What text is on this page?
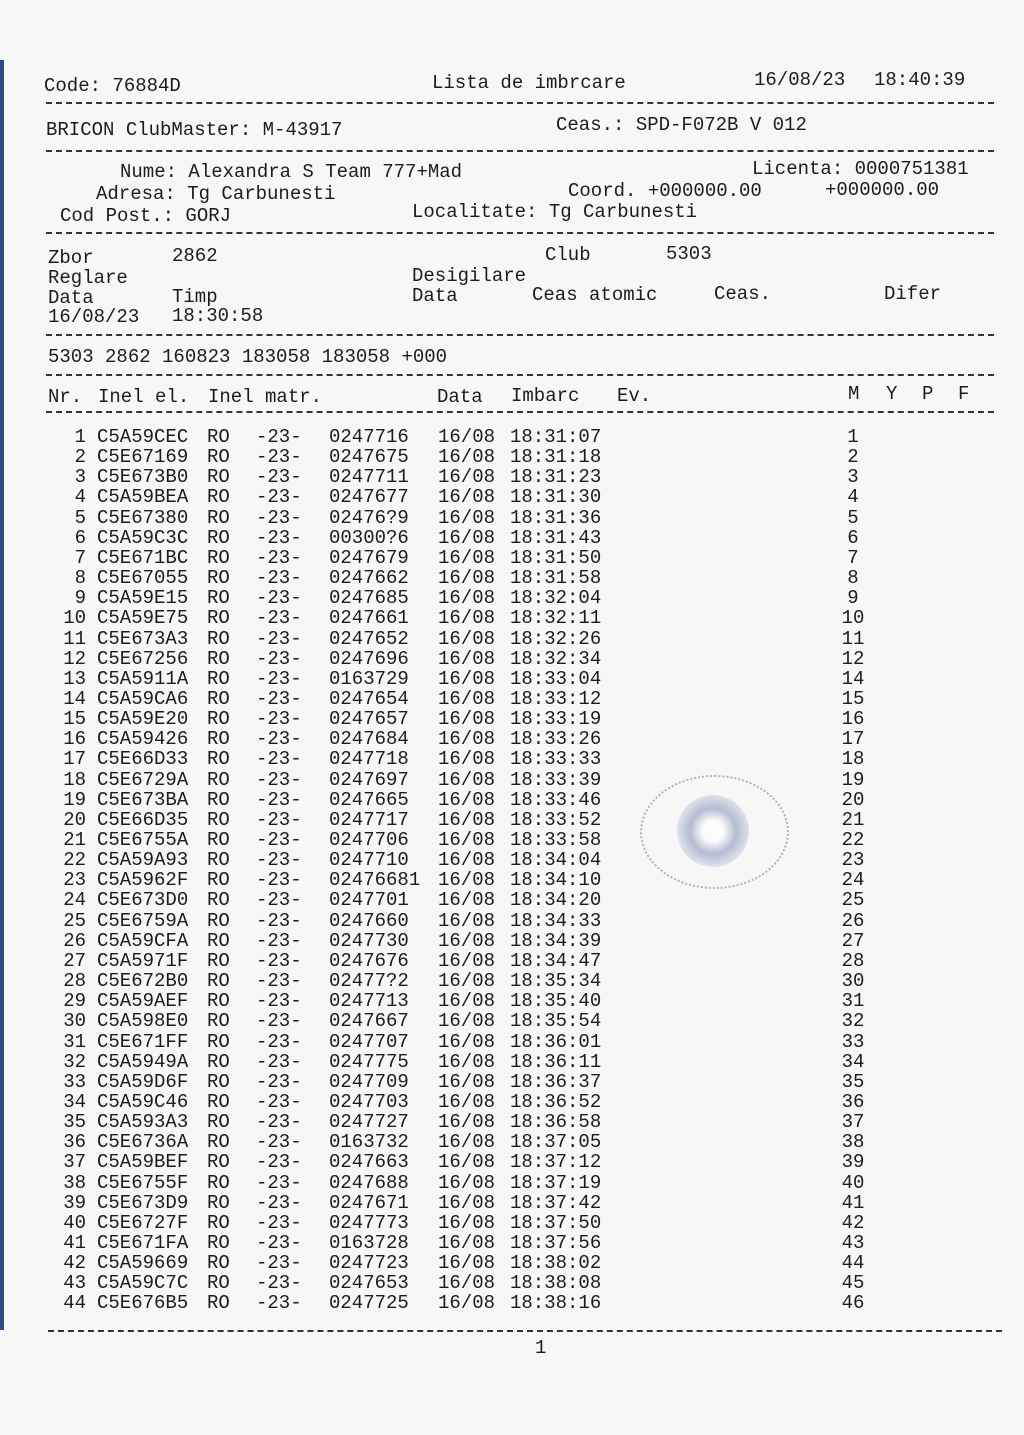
Code: 76884D	Lista de imbrcare	16/08/23 18:40:39
BRICON ClubMaster: M-43917	Ceas.: SPD-F072B V 012
Nume: Alexandra S Team 777+Mad	Licenta: 0000751381
Adresa: Tg Carbunesti	Coord. +000000.00	+000000.00
Cod Post.: GORJ	Localitate: Tg Carbunesti
Zbor	2862	Club	5303
Reglare	Desigilare
Data	Timp	Data	Ceas atomic	Ceas.	Difer
16/08/23 18:30:58
5303 2862 160823 183058 183058 +000
Nr. Inel el. Inel matr.	Data Imbarc Ev.	M Y P F
1 C5A59CEC RO -23- 0247716 16/08 18:31:07	1
2 C5E67169 RO -23- 0247675 16/08 18:31:18	2
3 C5E673B0 RO -23- 0247711 16/08 18:31:23	3
4 C5A59BEA RO -23- 0247677 16/08 18:31:30	4
5 C5E67380 RO -23- 02476?9 16/08 18:31:36	5
6 C5A59C3C RO -23- 00300?6 16/08 18:31:43	6
7 C5E671BC RO -23- 0247679 16/08 18:31:50	7
8 C5E67055 RO -23- 0247662 16/08 18:31:58	8
9 C5A59E15 RO -23- 0247685 16/08 18:32:04	9
10 C5A59E75 RO -23- 0247661 16/08 18:32:11	10
11 C5E673A3 RO -23- 0247652 16/08 18:32:26	11
12 C5E67256 RO -23- 0247696 16/08 18:32:34	12
13 C5A5911A RO -23- 0163729 16/08 18:33:04	14
14 C5A59CA6 RO -23- 0247654 16/08 18:33:12	15
15 C5A59E20 RO -23- 0247657 16/08 18:33:19	16
16 C5A59426 RO -23- 0247684 16/08 18:33:26	17
17 C5E66D33 RO -23- 0247718 16/08 18:33:33	18
18 C5E6729A RO -23- 0247697 16/08 18:33:39	19
19 C5E673BA RO -23- 0247665 16/08 18:33:46	20
20 C5E66D35 RO -23- 0247717 16/08 18:33:52	21
21 C5E6755A RO -23- 0247706 16/08 18:33:58	22
22 C5A59A93 RO -23- 0247710 16/08 18:34:04	23
23 C5A5962F RO -23- 02476681 16/08 18:34:10	24
24 C5E673D0 RO -23- 0247701 16/08 18:34:20	25
25 C5E6759A RO -23- 0247660 16/08 18:34:33	26
26 C5A59CFA RO -23- 0247730 16/08 18:34:39	27
27 C5A5971F RO -23- 0247676 16/08 18:34:47	28
28 C5E672B0 RO -23- 02477?2 16/08 18:35:34	30
29 C5A59AEF RO -23- 0247713 16/08 18:35:40	31
30 C5A598E0 RO -23- 0247667 16/08 18:35:54	32
31 C5E671FF RO -23- 0247707 16/08 18:36:01	33
32 C5A5949A RO -23- 0247775 16/08 18:36:11	34
33 C5A59D6F RO -23- 0247709 16/08 18:36:37	35
34 C5A59C46 RO -23- 0247703 16/08 18:36:52	36
35 C5A593A3 RO -23- 0247727 16/08 18:36:58	37
36 C5E6736A RO -23- 0163732 16/08 18:37:05	38
37 C5A59BEF RO -23- 0247663 16/08 18:37:12	39
38 C5E6755F RO -23- 0247688 16/08 18:37:19	40
39 C5E673D9 RO -23- 0247671 16/08 18:37:42	41
40 C5E6727F RO -23- 0247773 16/08 18:37:50	42
41 C5E671FA RO -23- 0163728 16/08 18:37:56	43
42 C5A59669 RO -23- 0247723 16/08 18:38:02	44
43 C5A59C7C RO -23- 0247653 16/08 18:38:08	45
44 C5E676B5 RO -23- 0247725 16/08 18:38:16	46
1
